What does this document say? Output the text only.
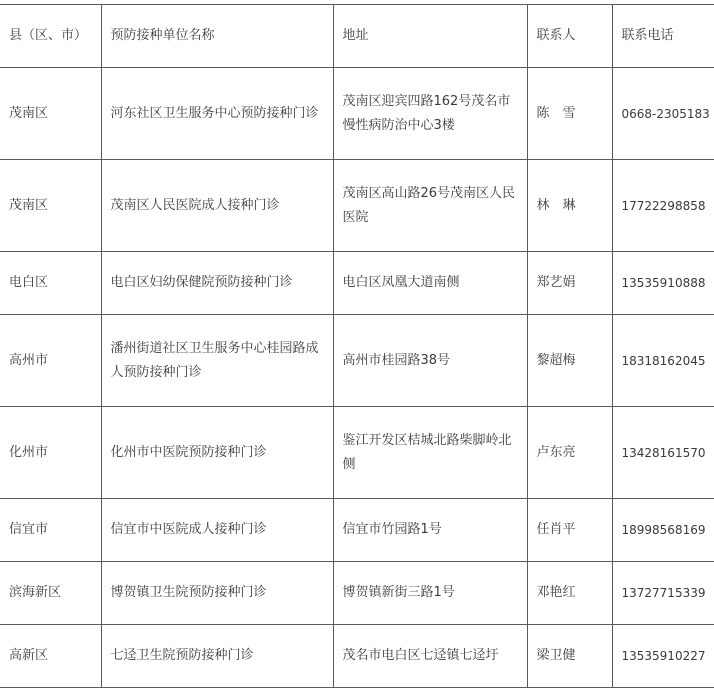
县（区、市）	预防接种单位名称	地址	联系人	联系电话
茂南区	河东社区卫生服务中心预防接种门诊	茂南区迎宾四路162号茂名市慢性病防治中心3楼	陈　雪	0668-2305183
茂南区	茂南区人民医院成人接种门诊	茂南区高山路26号茂南区人民医院	林　琳	17722298858
电白区	电白区妇幼保健院预防接种门诊	电白区凤凰大道南侧	郑艺娟	13535910888
高州市	潘州街道社区卫生服务中心桂园路成人预防接种门诊	高州市桂园路38号	黎超梅	18318162045
化州市	化州市中医院预防接种门诊	鉴江开发区桔城北路柴脚岭北侧	卢东亮	13428161570
信宜市	信宜市中医院成人接种门诊	信宜市竹园路1号	任肖平	18998568169
滨海新区	博贺镇卫生院预防接种门诊	博贺镇新街三路1号	邓艳红	13727715339
高新区	七迳卫生院预防接种门诊	茂名市电白区七迳镇七迳圩	梁卫健	13535910227
